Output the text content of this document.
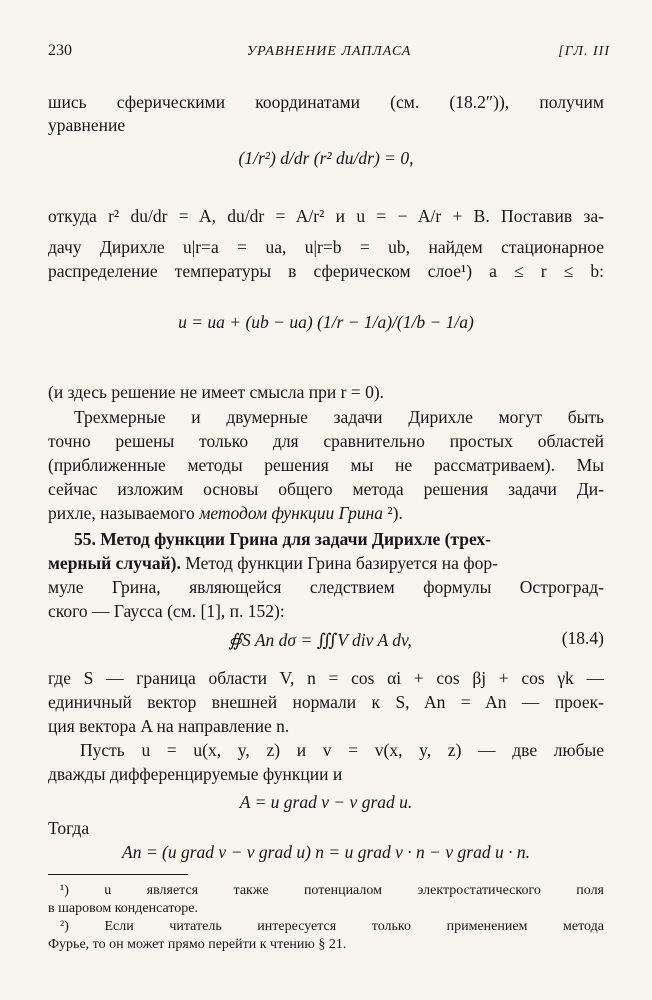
230	УРАВНЕНИЕ ЛАПЛАСА	[ГЛ. III
шись сферическими координатами (см. (18.2″)), получим
уравнение
(1/r²) d/dr (r² du/dr) = 0,
откуда r² du/dr = A, du/dr = A/r² и u = − A/r + B. Поставив за-
дачу Дирихле u|r=a = ua, u|r=b = ub, найдем стационарное
распределение температуры в сферическом слое¹) a ≤ r ≤ b:
u = ua + (ub − ua) (1/r − 1/a)/(1/b − 1/a)
(и здесь решение не имеет смысла при r = 0).
Трехмерные и двумерные задачи Дирихле могут быть
точно решены только для сравнительно простых областей
(приближенные методы решения мы не рассматриваем). Мы
сейчас изложим основы общего метода решения задачи Ди-
рихле, называемого методом функции Грина ²).
55. Метод функции Грина для задачи Дирихле (трех-
мерный случай). Метод функции Грина базируется на фор-
муле Грина, являющейся следствием формулы Остроград-
ского — Гаусса (см. [1], п. 152):
∯S An dσ = ∭V div A dv,	(18.4)
где S — граница области V, n = cos αi + cos βj + cos γk —
единичный вектор внешней нормали к S, An = An — проек-
ция вектора A на направление n.
Пусть u = u(x, y, z) и v = v(x, y, z) — две любые
дважды дифференцируемые функции и
A = u grad v − v grad u.
Тогда
An = (u grad v − v grad u) n = u grad v · n − v grad u · n.
¹) u является также потенциалом электростатического поля
в шаровом конденсаторе.
²) Если читатель интересуется только применением метода
Фурье, то он может прямо перейти к чтению § 21.
